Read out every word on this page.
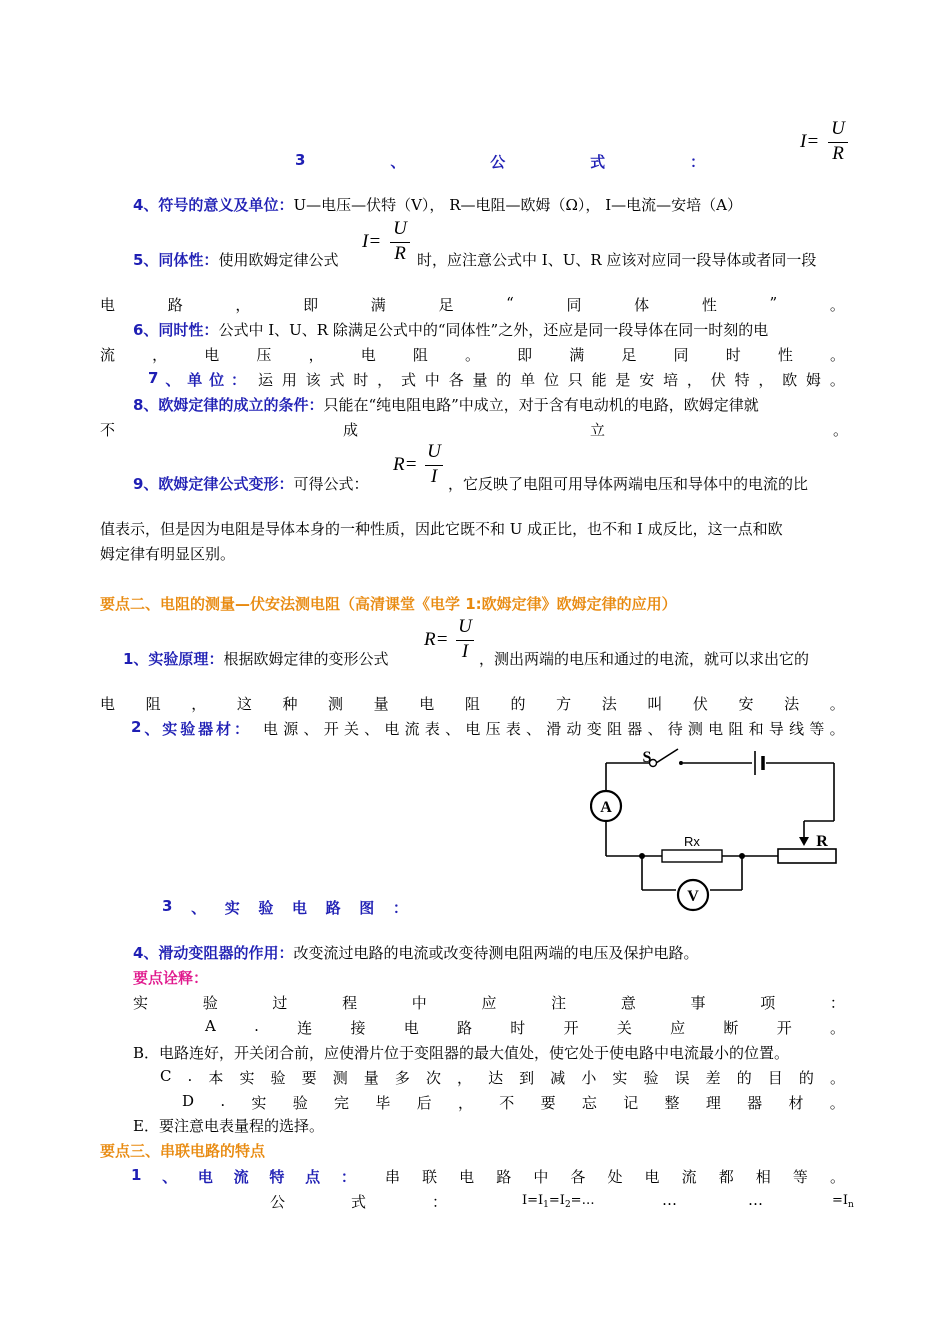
3	、	公	式	：
I=
U
R
4、符号的意义及单位：U—电压—伏特（V）， R—电阻—欧姆（Ω）， I—电流—安培（A）
I=
U
R
5、同体性：使用欧姆定律公式	时，应注意公式中 I、U、R 应该对应同一段导体或者同一段
电	路	，	即	满	足	“	同	体	性	”	。
6、同时性：公式中 I、U、R 除满足公式中的“同体性”之外，还应是同一段导体在同一时刻的电
流 ， 电 压 ， 电 阻 。 即 满 足 同 时 性 。
7 、 单 位 ： 运 用 该 式 时 ， 式 中 各 量 的 单 位 只 能 是 安 培 ， 伏 特 ， 欧 姆 。
8、欧姆定律的成立的条件：只能在“纯电阻电路”中成立，对于含有电动机的电路，欧姆定律就
不	成	立	。
R=
U
I
9、欧姆定律公式变形：可得公式：	，它反映了电阻可用导体两端电压和导体中的电流的比
值表示，但是因为电阻是导体本身的一种性质，因此它既不和 U 成正比，也不和 I 成反比，这一点和欧
姆定律有明显区别。
要点二、电阻的测量—伏安法测电阻（高清课堂《电学 1:欧姆定律》欧姆定律的应用）
R=
U
I
1、实验原理：根据欧姆定律的变形公式	，测出两端的电压和通过的电流，就可以求出它的
电 阻 ， 这 种 测 量 电 阻 的 方 法 叫 伏 安 法 。
2 、 实 验 器 材 ： 电 源 、 开 关 、 电 流 表 、 电 压 表 、 滑 动 变 阻 器 、 待 测 电 阻 和 导 线 等 。
S
A
V
R
Rx
3 、 实 验 电 路 图 ：
4、滑动变阻器的作用：改变流过电路的电流或改变待测电阻两端的电压及保护电路。
要点诠释：
实	验	过	程	中	应	注	意	事	项	：
A	.	连	接	电	路	时	开	关	应	断	开	。
B．电路连好，开关闭合前，应使滑片位于变阻器的最大值处，使它处于使电路中电流最小的位置。
C . 本 实 验 要 测 量 多 次 ， 达 到 减 小 实 验 误 差 的 目 的 。
D . 实 验 完 毕 后 ， 不 要 忘 记 整 理 器 材 。
E．要注意电表量程的选择。
要点三、串联电路的特点
1 、 电 流 特 点 ： 串 联 电 路 中 各 处 电 流 都 相 等 。
公	式	：	$I=I_1=I_2=\dots$	…	…	$=I_n$
